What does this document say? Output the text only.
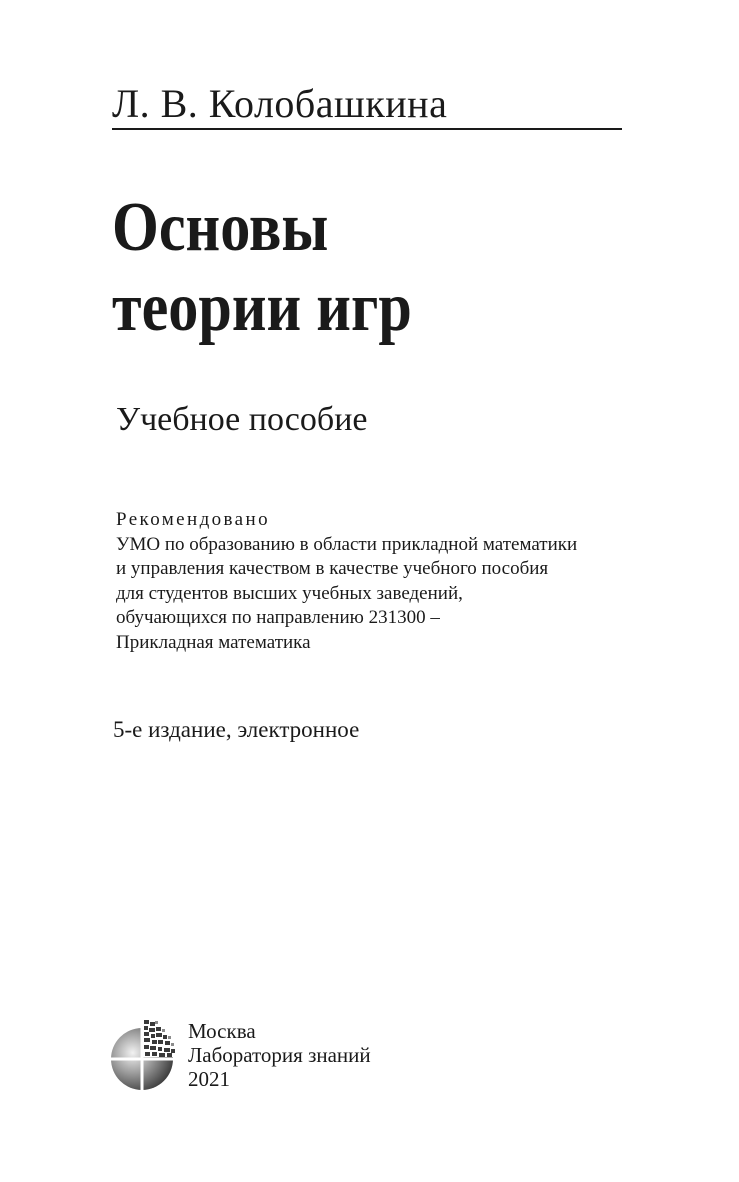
Л. В. Колобашкина
Основы
теории игр
Учебное пособие
Рекомендовано
УМО по образованию в области прикладной математики
и управления качеством в качестве учебного пособия
для студентов высших учебных заведений,
обучающихся по направлению 231300 –
Прикладная математика
5-е издание, электронное
Москва
Лаборатория знаний
2021
